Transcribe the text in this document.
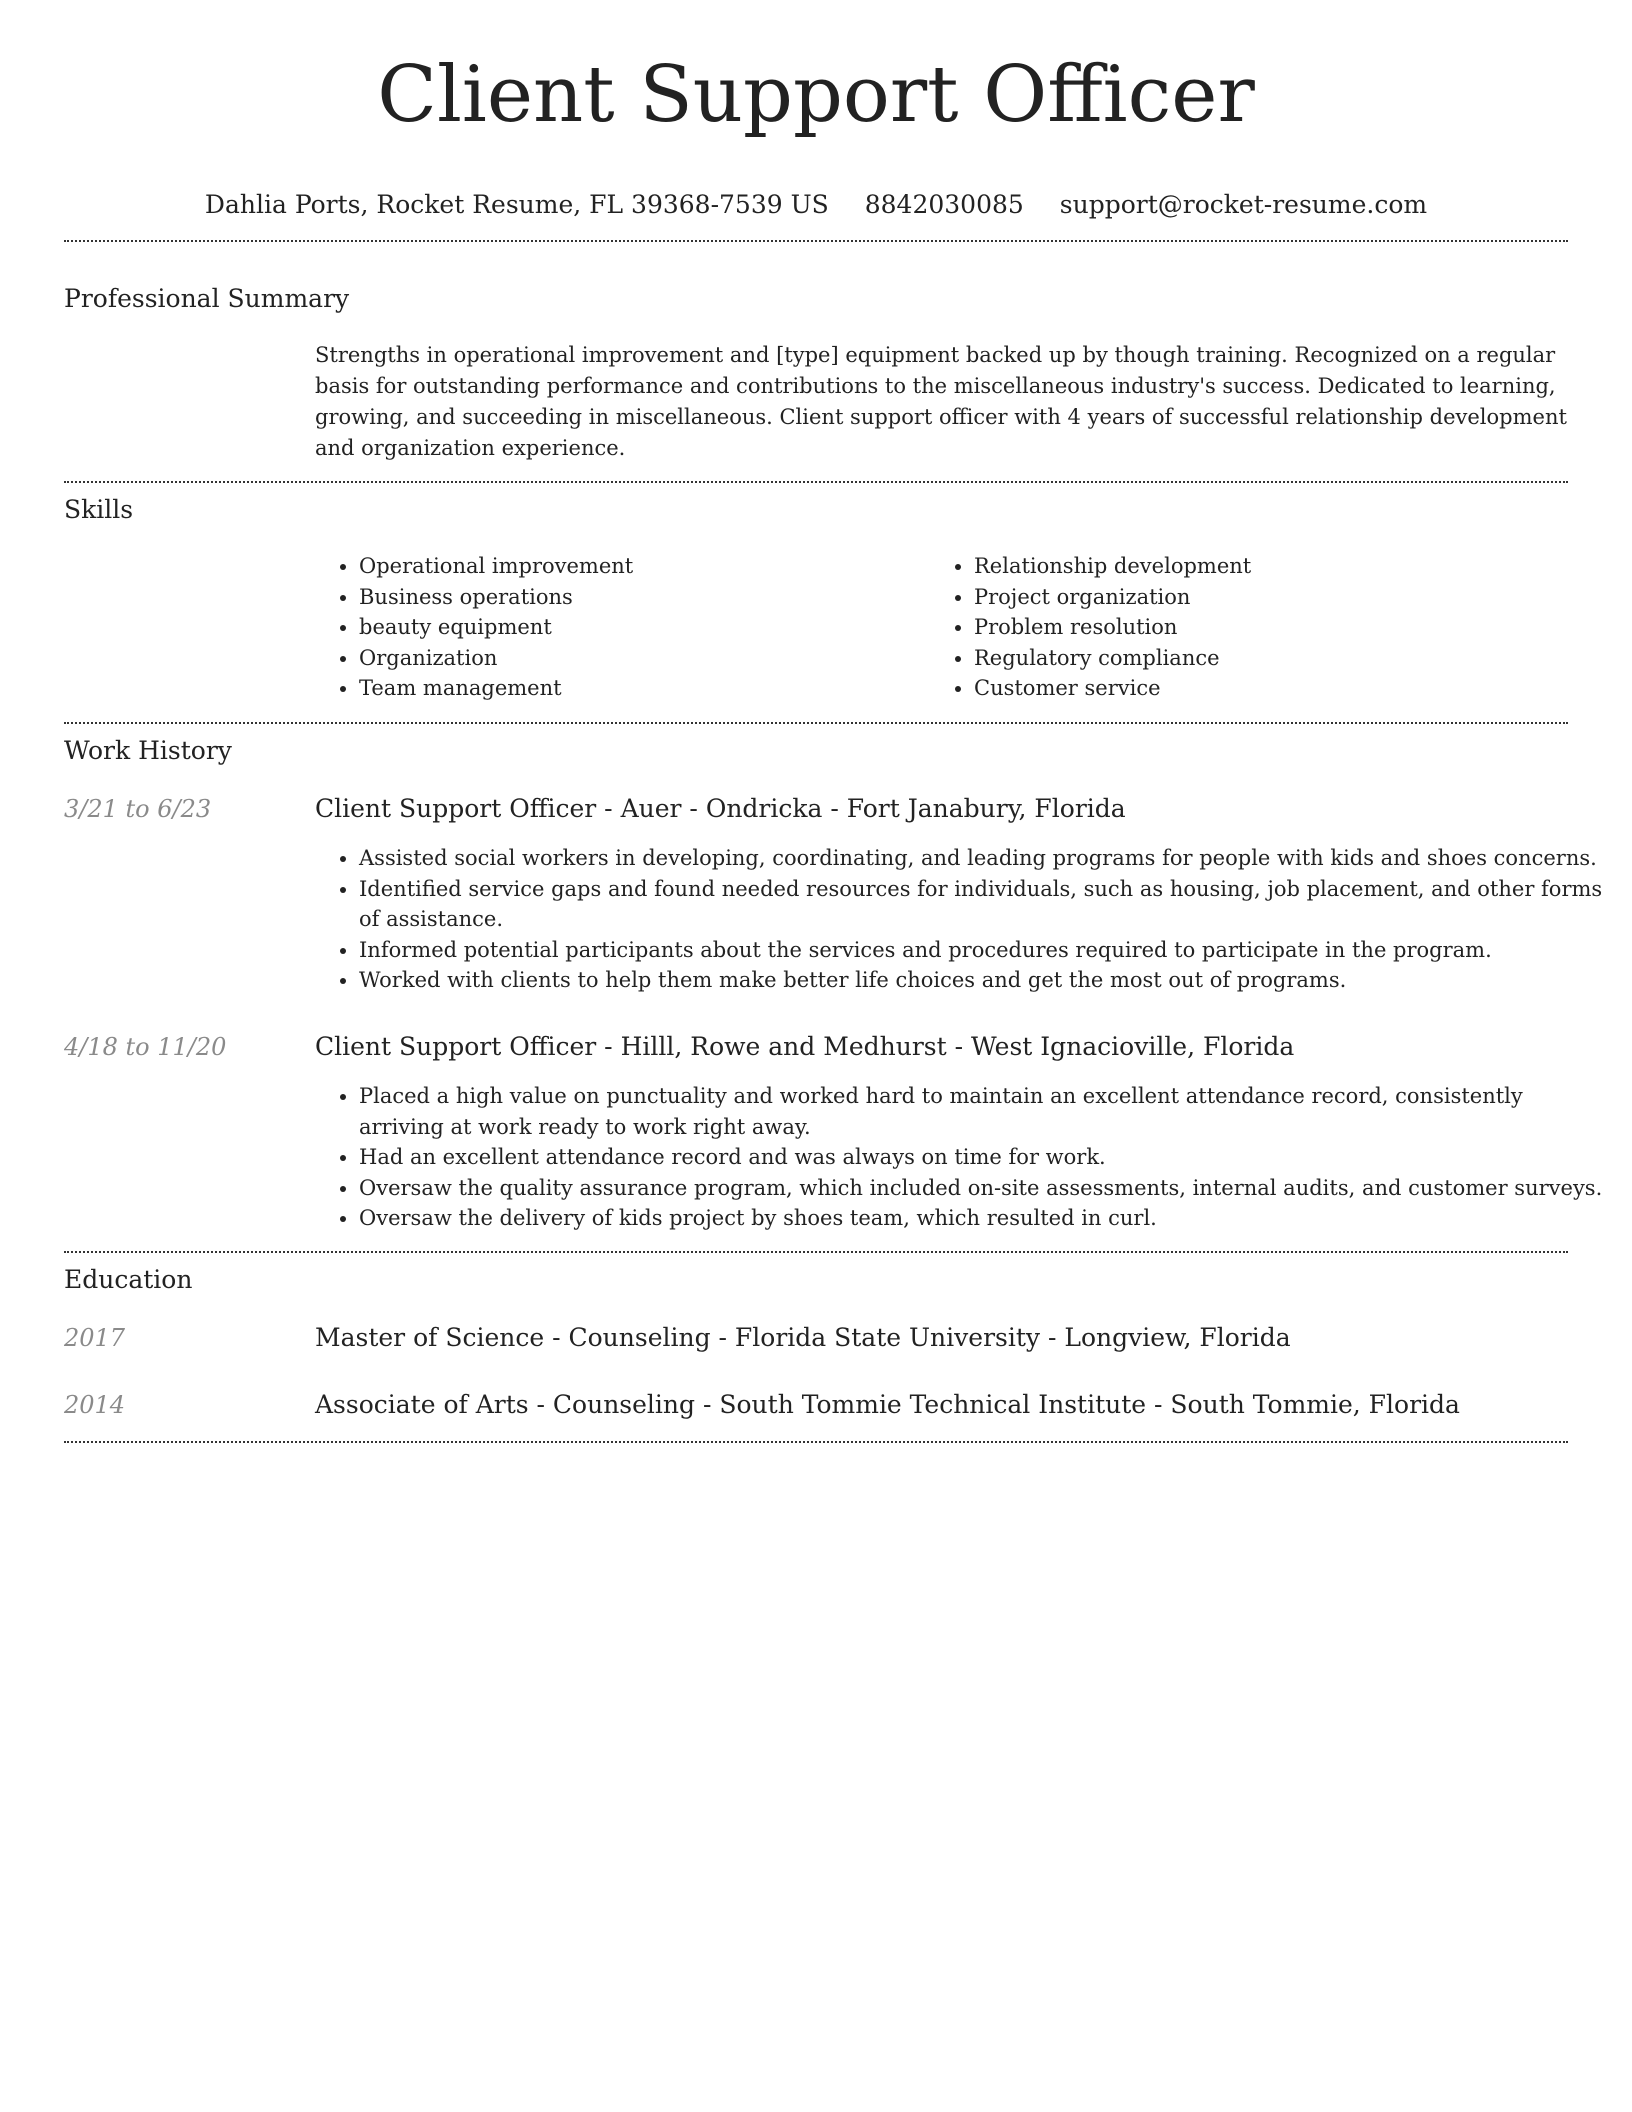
Client Support Officer
Dahlia Ports, Rocket Resume, FL 39368-7539 US 8842030085 support@rocket-resume.com
Professional Summary

Strengths in operational improvement and [type] equipment backed up by though training. Recognized on a regular basis for outstanding performance and contributions to the miscellaneous industry's success. Dedicated to learning, growing, and succeeding in miscellaneous. Client support officer with 4 years of successful relationship development and organization experience.

Skills
• Operational improvement
• Business operations
• beauty equipment
• Organization
• Team management
• Relationship development
• Project organization
• Problem resolution
• Regulatory compliance
• Customer service
Work History
3/21 to 6/23	Client Support Officer - Auer - Ondricka - Fort Janabury, Florida
• Assisted social workers in developing, coordinating, and leading programs for people with kids and shoes concerns.
• Identified service gaps and found needed resources for individuals, such as housing, job placement, and other forms of assistance.
• Informed potential participants about the services and procedures required to participate in the program.
• Worked with clients to help them make better life choices and get the most out of programs.
4/18 to 11/20	Client Support Officer - Hilll, Rowe and Medhurst - West Ignacioville, Florida
• Placed a high value on punctuality and worked hard to maintain an excellent attendance record, consistently arriving at work ready to work right away.
• Had an excellent attendance record and was always on time for work.
• Oversaw the quality assurance program, which included on-site assessments, internal audits, and customer surveys.
• Oversaw the delivery of kids project by shoes team, which resulted in curl.
Education
2017	Master of Science - Counseling - Florida State University - Longview, Florida
2014	Associate of Arts - Counseling - South Tommie Technical Institute - South Tommie, Florida
